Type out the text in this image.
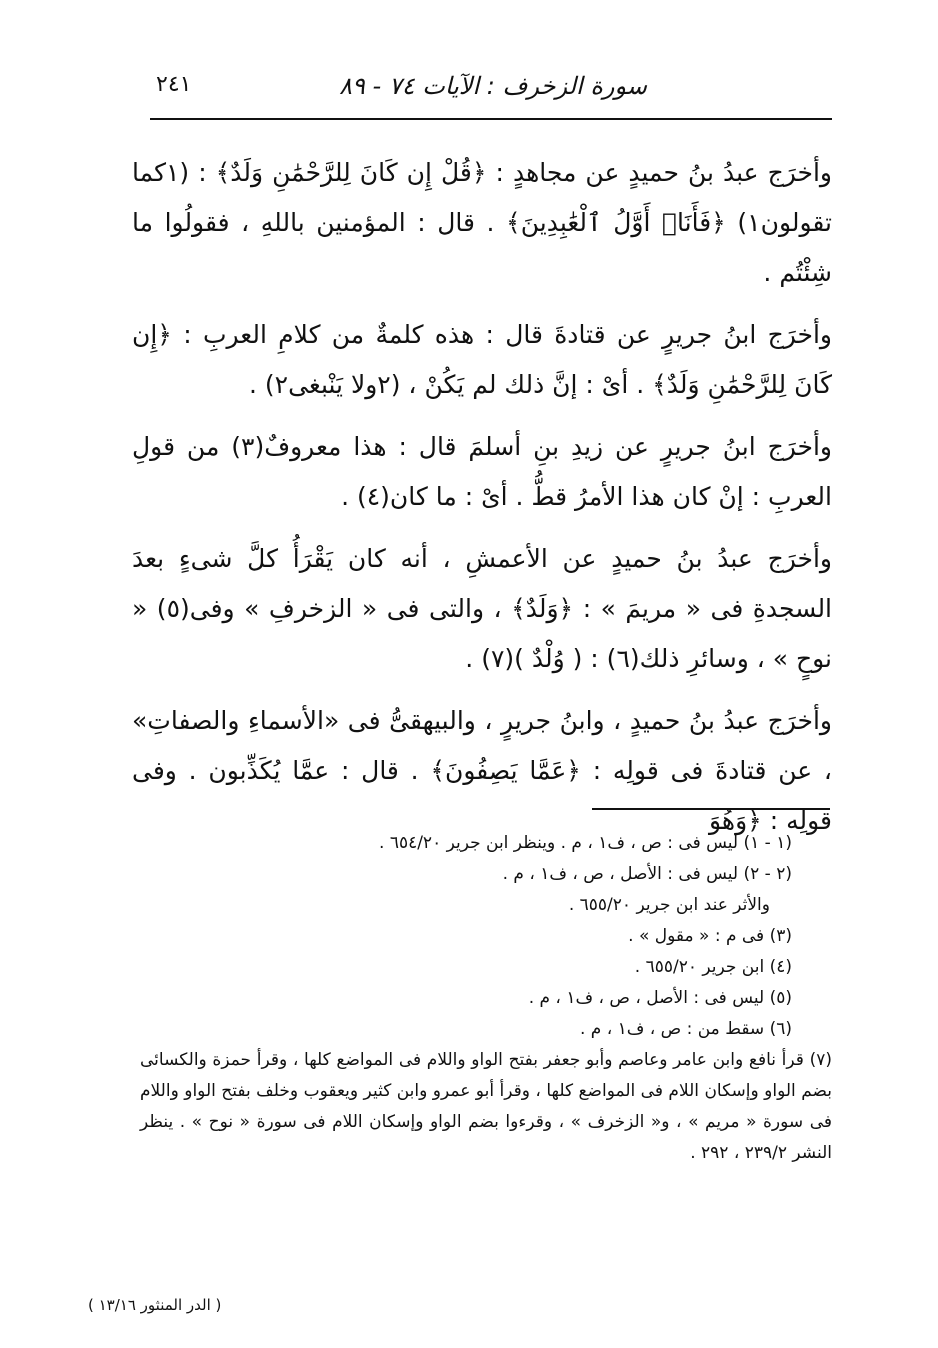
سورة الزخرف : الآيات ٧٤ - ٨٩
٢٤١

وأخرَج عبدُ بنُ حميدٍ عن مجاهدٍ : ﴿قُلْ إِن كَانَ لِلرَّحْمَٰنِ وَلَدٌ﴾ : (١كما تقولون١) ﴿فَأَنَا۠ أَوَّلُ ٱلْعَٰبِدِينَ﴾ . قال : المؤمنين باللهِ ، فقولُوا ما شِئْتُم .

وأخرَج ابنُ جريرٍ عن قتادةَ قال : هذه كلمةٌ من كلامِ العربِ : ﴿إِن كَانَ لِلرَّحْمَٰنِ وَلَدٌ﴾ . أىْ : إنَّ ذلك لم يَكُنْ ، (٢ولا يَنْبغى٢) .

وأخرَج ابنُ جريرٍ عن زيدِ بنِ أسلمَ قال : هذا معروفٌ(٣) من قولِ العربِ : إنْ كان هذا الأمرُ قطُّ . أىْ : ما كان(٤) .

وأخرَج عبدُ بنُ حميدٍ عن الأعمشِ ، أنه كان يَقْرَأُ كلَّ شىءٍ بعدَ السجدةِ فى « مريمَ » : ﴿وَلَدٌ﴾ ، والتى فى « الزخرفِ » وفى(٥) « نوحٍ » ، وسائرِ ذلك(٦) : ( وُلْدٌ )(٧) .

وأخرَج عبدُ بنُ حميدٍ ، وابنُ جريرٍ ، والبيهقىُّ فى «الأسماءِ والصفاتِ» ، عن قتادةَ فى قولِه : ﴿عَمَّا يَصِفُونَ﴾ . قال : عمَّا يُكَذِّبون . وفى قولِه : ﴿وَهُوَ

(١ - ١) ليس فى : ص ، ف١ ، م . وينظر ابن جرير ٦٥٤/٢٠ .

(٢ - ٢) ليس فى : الأصل ، ص ، ف١ ، م .

والأثر عند ابن جرير ٦٥٥/٢٠ .

(٣) فى م : « مقول » .

(٤) ابن جرير ٦٥٥/٢٠ .

(٥) ليس فى : الأصل ، ص ، ف١ ، م .

(٦) سقط من : ص ، ف١ ، م .

(٧) قرأ نافع وابن عامر وعاصم وأبو جعفر بفتح الواو واللام فى المواضع كلها ، وقرأ حمزة والكسائى بضم الواو وإسكان اللام فى المواضع كلها ، وقرأ أبو عمرو وابن كثير ويعقوب وخلف بفتح الواو واللام فى سورة « مريم » ، و« الزخرف » ، وقرءوا بضم الواو وإسكان اللام فى سورة « نوح » . ينظر النشر ٢٣٩/٢ ، ٢٩٢ .

( الدر المنثور ١٣/١٦ )
